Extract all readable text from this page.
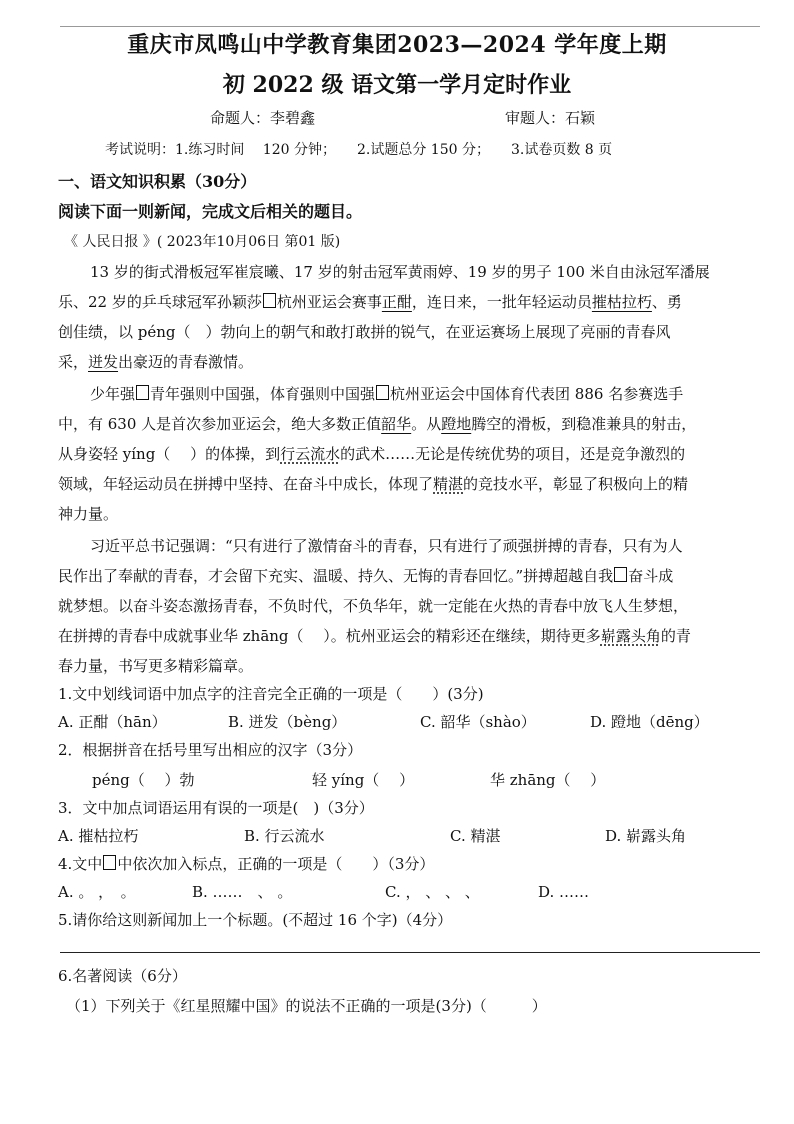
重庆市凤鸣山中学教育集团2023—2024 学年度上期
初 2022 级 语文第一学月定时作业
命题人：李碧鑫	审题人：石颖
考试说明：1.练习时间　 120 分钟；　　2.试题总分 150 分；　　3.试卷页数 8 页
一、语文知识积累（30分）
阅读下面一则新闻，完成文后相关的题目。
《 人民日报 》( 2023年10月06日 第01 版)
13 岁的街式滑板冠军崔宸曦、17 岁的射击冠军黄雨婷、19 岁的男子 100 米自由泳冠军潘展
乐、22 岁的乒乓球冠军孙颖莎 杭州亚运会赛事正酣，连日来，一批年轻运动员摧枯拉朽、勇
创佳绩，以 péng（　）勃向上的朝气和敢打敢拼的锐气，在亚运赛场上展现了亮丽的青春风
采，迸发出豪迈的青春激情。
少年强 青年强则中国强，体育强则中国强 杭州亚运会中国体育代表团 886 名参赛选手
中，有 630 人是首次参加亚运会，绝大多数正值韶华。从蹬地腾空的滑板，到稳准兼具的射击，
从身姿轻 yíng（　 ）的体操，到行云流水的武术……无论是传统优势的项目，还是竞争激烈的
领域，年轻运动员在拼搏中坚持、在奋斗中成长，体现了精湛的竞技水平，彰显了积极向上的精
神力量。
习近平总书记强调：“只有进行了激情奋斗的青春，只有进行了顽强拼搏的青春，只有为人
民作出了奉献的青春，才会留下充实、温暖、持久、无悔的青春回忆。”拼搏超越自我 奋斗成
就梦想。以奋斗姿态激扬青春，不负时代，不负华年，就一定能在火热的青春中放飞人生梦想，
在拼搏的青春中成就事业华 zhāng（　 ）。杭州亚运会的精彩还在继续，期待更多崭露头角的青
春力量，书写更多精彩篇章。
1.文中划线词语中加点字的注音完全正确的一项是（　　）(3分)
A. 正酣（hān）	B. 迸发（bèng）	C. 韶华（shào）	D. 蹬地（dēng）
2．根据拼音在括号里写出相应的汉字（3分）
péng（　 ）勃	轻 yíng（　 ）	华 zhāng（　 ）
3．文中加点词语运用有误的一项是(　)（3分）
A. 摧枯拉朽	B. 行云流水	C. 精湛	D. 崭露头角
4.文中 中依次加入标点，正确的一项是（　　）（3分）
A. 。 ，　。	B. ……　、 。	C. ， 、 、 、	D. ……
5.请你给这则新闻加上一个标题。(不超过 16 个字)（4分）
6.名著阅读（6分）
（1）下列关于《红星照耀中国》的说法不正确的一项是(3分)（　　　）
